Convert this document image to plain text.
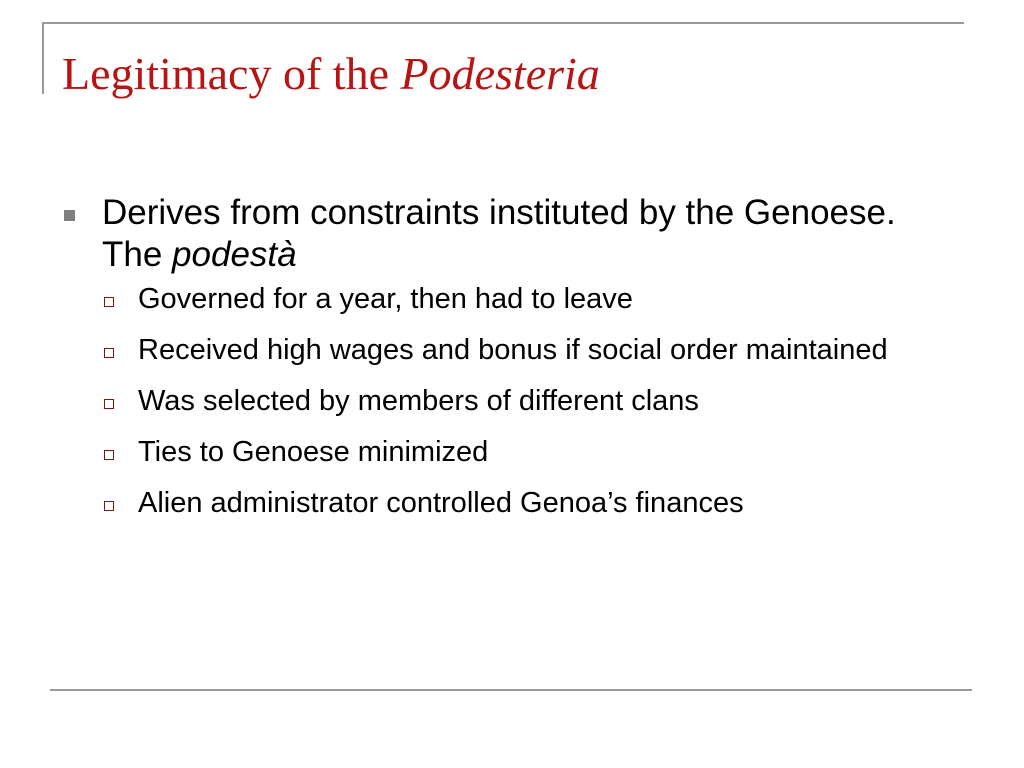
Legitimacy of the Podesteria
Derives from constraints instituted by the Genoese. The podestà
Governed for a year, then had to leave
Received high wages and bonus if social order maintained
Was selected by members of different clans
Ties to Genoese minimized
Alien administrator controlled Genoa’s finances
